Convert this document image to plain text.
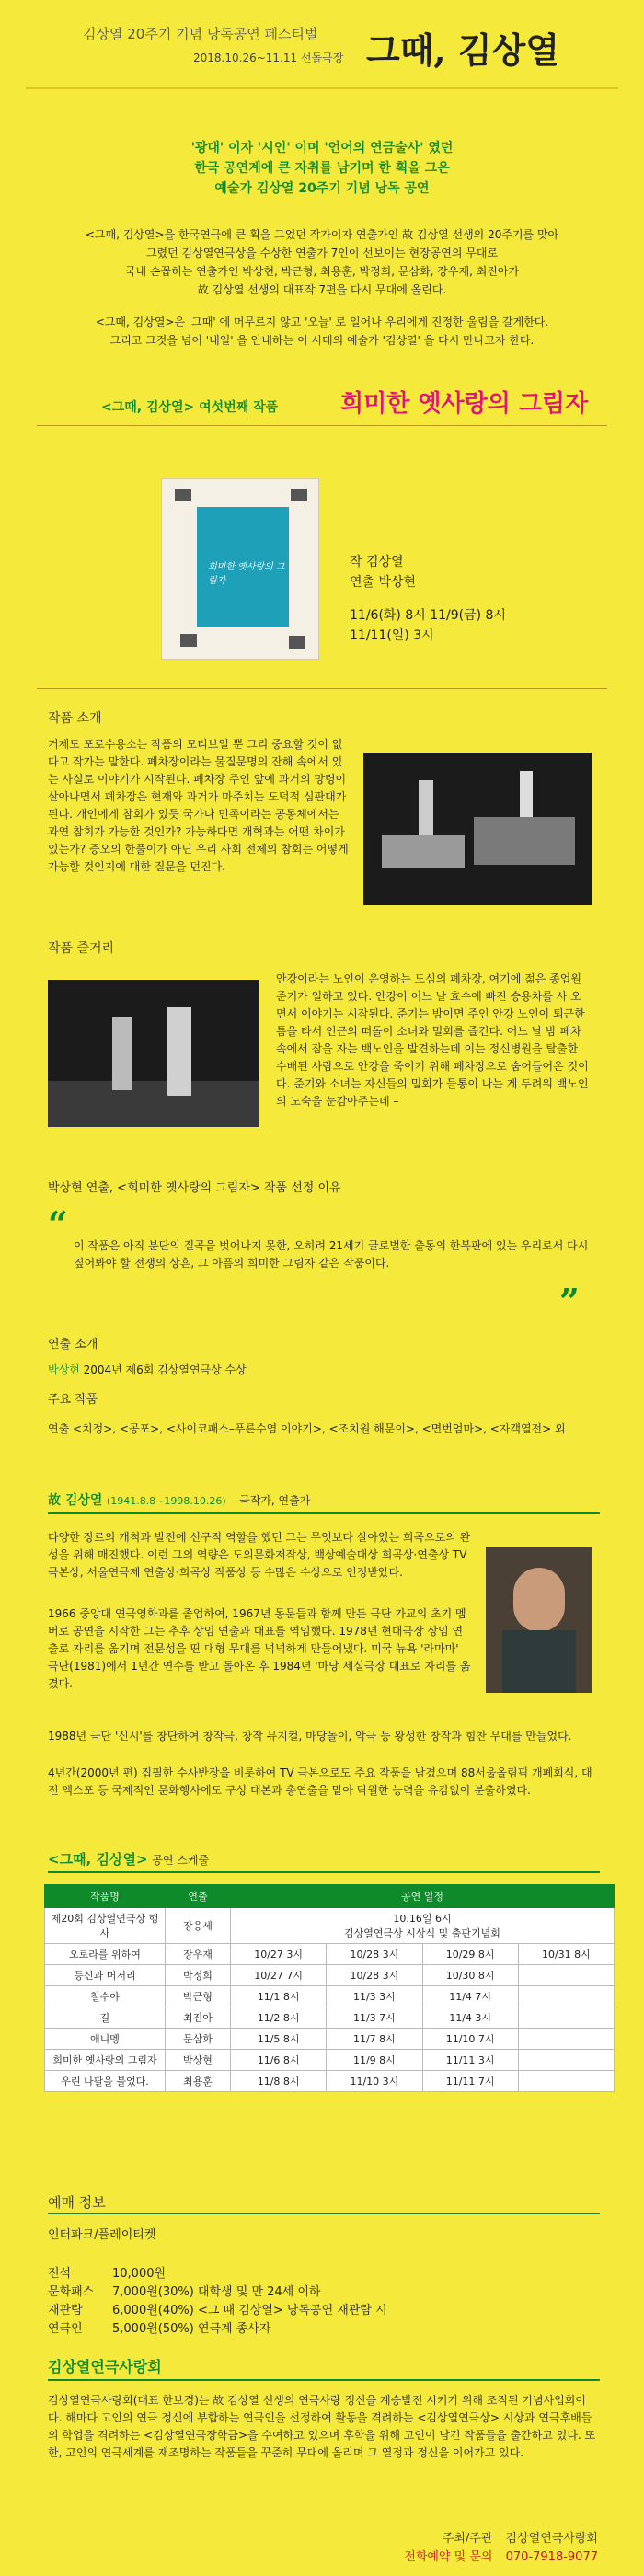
김상열 20주기 기념 낭독공연 페스티벌
2018.10.26~11.11 선돌극장 그때, 김상열
'광대' 이자 '시인' 이며 '언어의 연금술사' 였던
한국 공연계에 큰 자취를 남기며 한 획을 그은
예술가 김상열 20주기 기념 낭독 공연
<그때, 김상열>을 한국연극에 큰 획을 그었던 작가이자 연출가인 故 김상열 선생의 20주기를 맞아
그렸던 김상열연극상을 수상한 연출가 7인이 선보이는 현장공연의 무대로
국내 손꼽히는 연출가인 박상현, 박근형, 최용훈, 박정희, 문삼화, 장우재, 최진아가
故 김상열 선생의 대표작 7편을 다시 무대에 올린다.
<그때, 김상열>은 '그때' 에 머무르지 않고 '오늘' 로 일어나 우리에게 진정한 울림을 갈게한다.
그리고 그것을 넘어 '내일' 을 안내하는 이 시대의 예술가 '김상열' 을 다시 만나고자 한다.
<그때, 김상열> 여섯번째 작품	희미한 옛사랑의 그림자
희미한 옛사랑의 그림자
작 김상열
연출 박상현
11/6(화) 8시 11/9(금) 8시
11/11(일) 3시
작품 소개
거제도 포로수용소는 작품의 모티브일 뿐 그리 중요할 것이 없다고 작가는 말한다. 폐차장이라는 물질문명의 잔해 속에서 있는 사실로 이야기가 시작된다. 폐차장 주인 앞에 과거의 망령이 살아나면서 폐차장은 현재와 과거가 마주치는 도덕적 심판대가 된다. 개인에게 참회가 있듯 국가나 민족이라는 공동체에서는 과연 참회가 가능한 것인가? 가능하다면 개혁과는 어떤 차이가 있는가? 증오의 한풀이가 아닌 우리 사회 전체의 참회는 어떻게 가능할 것인지에 대한 질문을 던진다.
작품 즐거리
안강이라는 노인이 운영하는 도심의 폐차장, 여기에 젊은 종업원 준기가 일하고 있다. 안강이 어느 날 효수에 빠진 승용차를 사 오면서 이야기는 시작된다. 준기는 밤이면 주인 안강 노인이 퇴근한 틈을 타서 인근의 떠돌이 소녀와 밀회를 즐긴다. 어느 날 밤 폐차 속에서 잠을 자는 백노인을 발견하는데 이는 정신병원을 탈출한 수배된 사람으로 안강을 죽이기 위해 폐차장으로 숨어들어온 것이다. 준기와 소녀는 자신들의 밀회가 들통이 나는 게 두려워 백노인의 노숙을 눈감아주는데 –
박상현 연출, <희미한 옛사랑의 그림자> 작품 선정 이유
“
이 작품은 아직 분단의 질곡을 벗어나지 못한, 오히려 21세기 글로벌한 출동의 한복판에 있는 우리로서 다시 짚어봐야 할 전쟁의 상흔, 그 아픔의 희미한 그림자 같은 작품이다.
”
연출 소개
박상현 2004년 제6회 김상열연극상 수상
주요 작품
연출 <치정>, <공포>, <사이코패스–푸른수염 이야기>, <조치원 해문이>, <면번엄마>, <자객열전> 외
故 김상열 (1941.8.8~1998.10.26) 극작가, 연출가
다양한 장르의 개척과 발전에 선구적 역할을 했던 그는 무엇보다 살아있는 희곡으로의 완성을 위해 매진했다. 이런 그의 역량은 도의문화저작상, 백상예술대상 희곡상·연출상 TV 극본상, 서울연극제 연출상·희곡상 작품상 등 수많은 수상으로 인정받았다.
1966 중앙대 연극영화과를 졸업하여, 1967년 동문들과 함께 만든 극단 가교의 초기 멤버로 공연을 시작한 그는 추후 상임 연출과 대표를 역임했다. 1978년 현대극장 상임 연출로 자리를 옮기며 전문성을 띤 대형 무대를 넉넉하게 만들어냈다. 미국 뉴욕 '라마마' 극단(1981)에서 1년간 연수를 받고 돌아온 후 1984년 '마당 세실극장 대표로 자리를 옮겼다.
1988년 극단 '신시'를 창단하여 창작극, 창작 뮤지컬, 마당놀이, 악극 등 왕성한 창작과 힘찬 무대를 만들었다.
4년간(2000년 편) 집필한 수사반장을 비롯하여 TV 극본으로도 주요 작품을 남겼으며 88서울올림픽 개폐회식, 대전 엑스포 등 국제적인 문화행사에도 구성 대본과 총연출을 맡아 탁월한 능력을 유감없이 분출하였다.
<그때, 김상열> 공연 스케줄
작품명	연출	공연 일정			
제20회 김상열연극상 행사	장응세	10.16일 6시
김상열연극상 시상식 및 출판기념회			

오로라를 위하여	장우재	10/27 3시	10/28 3시	10/29 8시	10/31 8시
등신과 머저리	박정희	10/27 7시	10/28 3시	10/30 8시	
철수야	박근형	11/1 8시	11/3 3시	11/4 7시	
길	최진아	11/2 8시	11/3 7시	11/4 3시	
애니멩	문삼화	11/5 8시	11/7 8시	11/10 7시	
희미한 옛사랑의 그림자	박상현	11/6 8시	11/9 8시	11/11 3시	
우린 나팔을 불었다.	최용훈	11/8 8시	11/10 3시	11/11 7시	
예매 정보
인터파크/플레이티켓
전석	10,000원
문화패스 7,000원(30%) 대학생 및 만 24세 이하
재관람 6,000원(40%) <그 때 김상열> 낭독공연 재관람 시
연극인 5,000원(50%) 연극계 종사자
김상열연극사랑회
김상열연극사랑회(대표 한보경)는 故 김상열 선생의 연극사랑 정신을 계승발전 시키기 위해 조직된 기념사업회이다. 해마다 고인의 연극 정신에 부합하는 연극인을 선정하여 활동을 격려하는 <김상열연극상> 시상과 연극후배들의 학업을 격려하는 <김상열연극장학금>을 수여하고 있으며 후학을 위해 고인이 남긴 작품들을 출간하고 있다. 또한, 고인의 연극세계를 재조명하는 작품들을 꾸준히 무대에 올리며 그 열정과 정신을 이어가고 있다.
주최/주관 김상열연극사랑회
전화예약 및 문의 070-7918-9077
